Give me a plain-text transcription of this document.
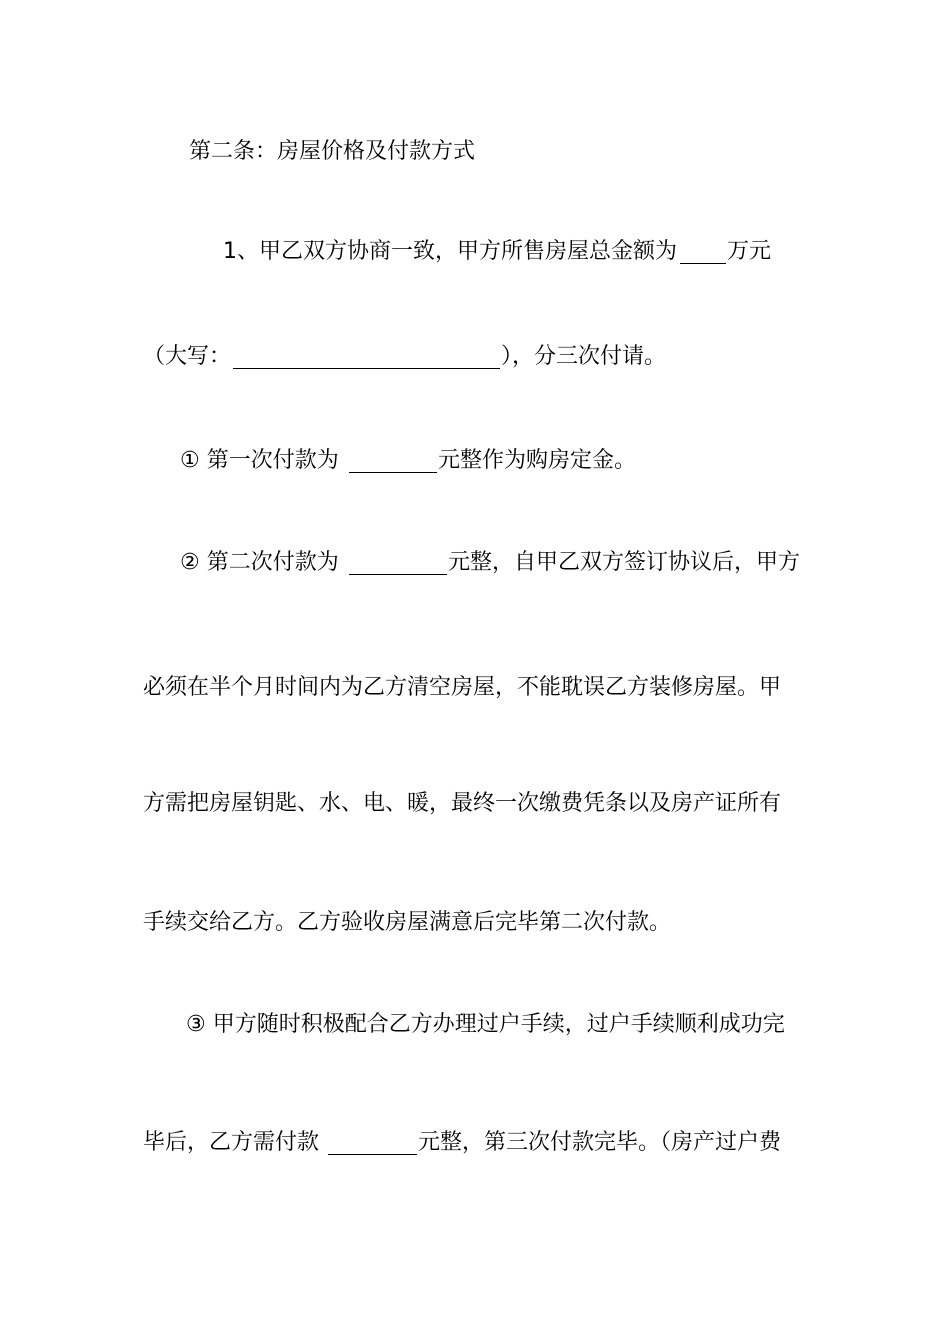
第二条：房屋价格及付款方式
1、甲乙双方协商一致，甲方所售房屋总金额为 万元
（大写：	），分三次付请。
① 第一次付款为	元整作为购房定金。
② 第二次付款为	元整，自甲乙双方签订协议后，甲方
必须在半个月时间内为乙方清空房屋，不能耽误乙方装修房屋。甲
方需把房屋钥匙、水、电、暖，最终一次缴费凭条以及房产证所有
手续交给乙方。乙方验收房屋满意后完毕第二次付款。
③ 甲方随时积极配合乙方办理过户手续，过户手续顺利成功完
毕后，乙方需付款	元整，第三次付款完毕。（房产过户费
